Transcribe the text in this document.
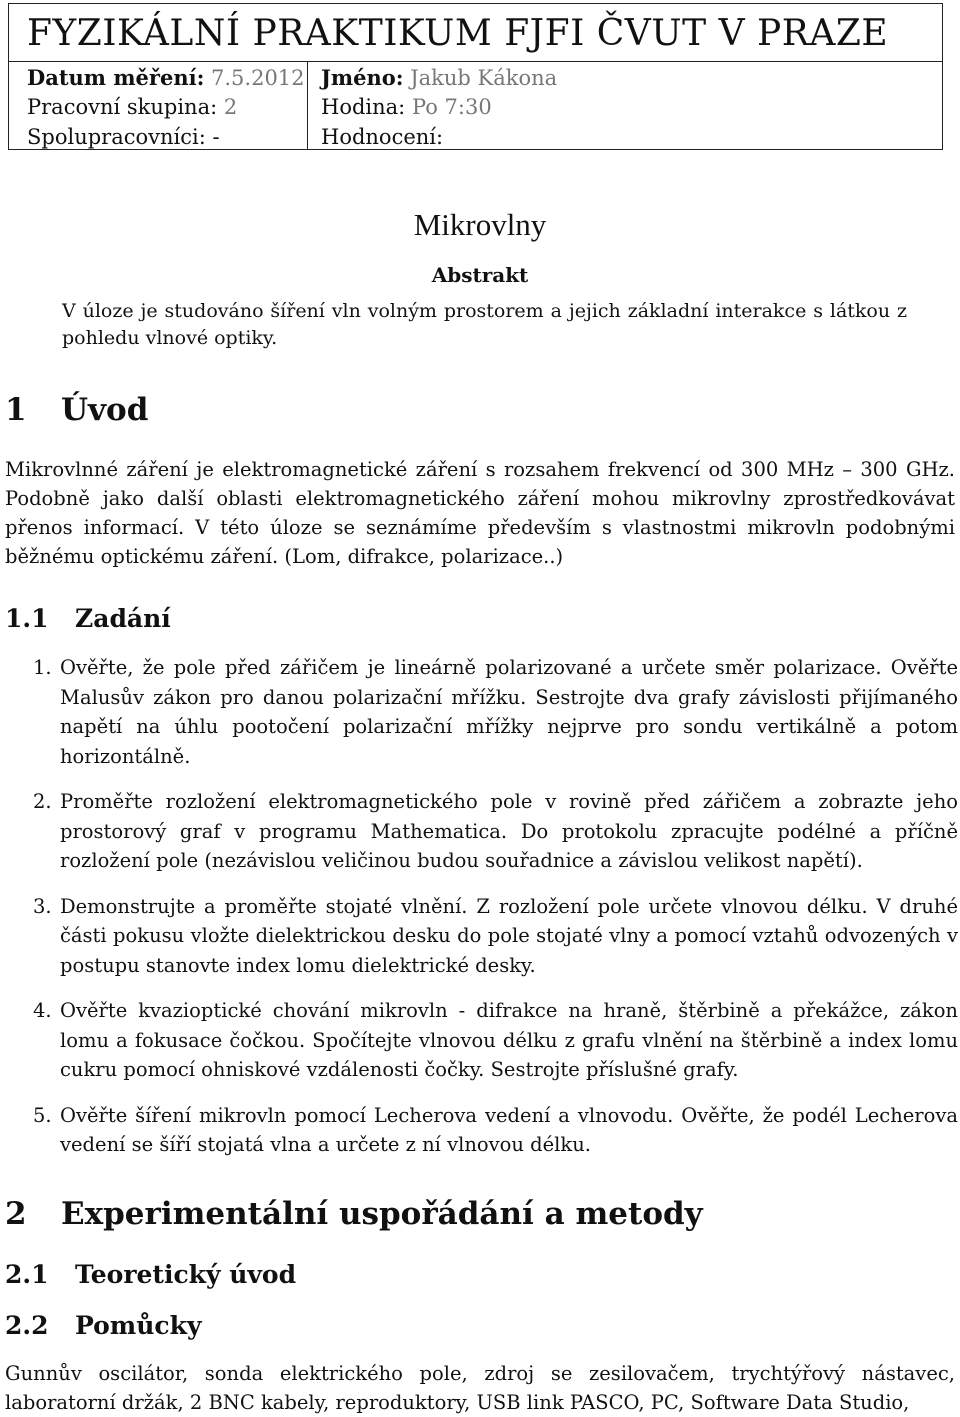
FYZIKÁLNÍ PRAKTIKUM FJFI ČVUT V PRAZE
Datum měření: 7.5.2012 Jméno: Jakub Kákona
Pracovní skupina: 2	Hodina: Po 7:30
Spolupracovníci: -	Hodnocení:
Mikrovlny
Abstrakt
V úloze je studováno šíření vln volným prostorem a jejich základní interakce s látkou z pohledu vlnové optiky.
1 Úvod
Mikrovlnné záření je elektromagnetické záření s rozsahem frekvencí od 300 MHz – 300 GHz. Podobně jako další oblasti elektromagnetického záření mohou mikrovlny zprostředkovávat přenos informací. V této úloze se seznámíme především s vlastnostmi mikrovln podobnými běžnému optickému záření. (Lom, difrakce, polarizace..)
1.1 Zadání
1. Ověřte, že pole před zářičem je lineárně polarizované a určete směr polarizace. Ověřte Malusův zákon pro danou polarizační mřížku. Sestrojte dva grafy závislosti přijímaného napětí na úhlu pootočení polarizační mřížky nejprve pro sondu vertikálně a potom horizontálně.
2. Proměřte rozložení elektromagnetického pole v rovině před zářičem a zobrazte jeho prostorový graf v programu Mathematica. Do protokolu zpracujte podélné a příčně rozložení pole (nezávislou veličinou budou souřadnice a závislou velikost napětí).
3. Demonstrujte a proměřte stojaté vlnění. Z rozložení pole určete vlnovou délku. V druhé části pokusu vložte dielektrickou desku do pole stojaté vlny a pomocí vztahů odvozených v postupu stanovte index lomu dielektrické desky.
4. Ověřte kvazioptické chování mikrovln - difrakce na hraně, štěrbině a překážce, zákon lomu a fokusace čočkou. Spočítejte vlnovou délku z grafu vlnění na štěrbině a index lomu cukru pomocí ohniskové vzdálenosti čočky. Sestrojte příslušné grafy.
5. Ověřte šíření mikrovln pomocí Lecherova vedení a vlnovodu. Ověřte, že podél Lecherova vedení se šíří stojatá vlna a určete z ní vlnovou délku.
2 Experimentální uspořádání a metody
2.1 Teoretický úvod
2.2 Pomůcky
Gunnův oscilátor, sonda elektrického pole, zdroj se zesilovačem, trychtýřový nástavec, laboratorní držák, 2 BNC kabely, reproduktory, USB link PASCO, PC, Software Data Studio,
